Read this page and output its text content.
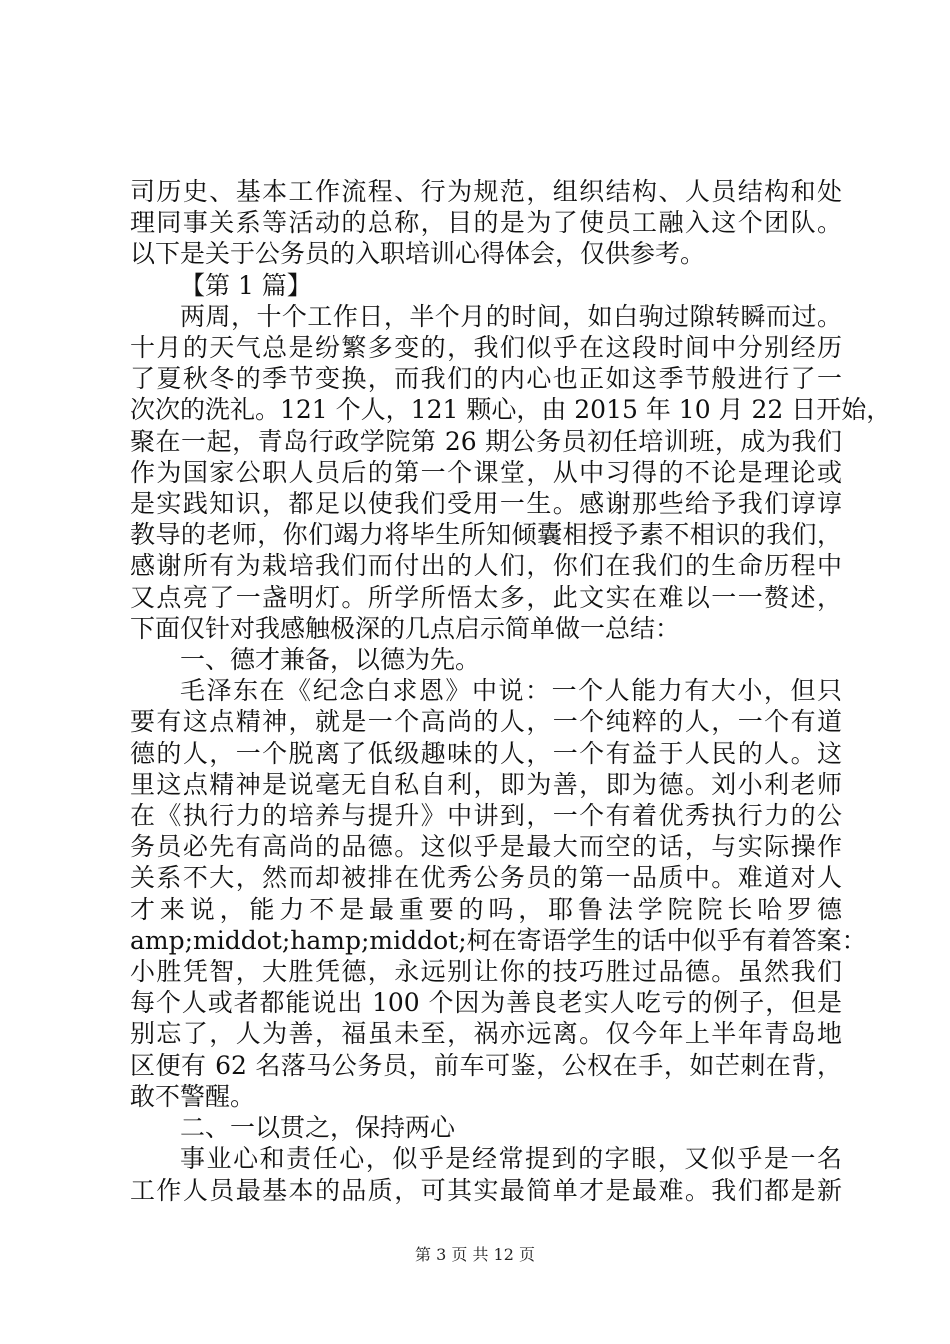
司历史、基本工作流程、行为规范，组织结构、人员结构和处
理同事关系等活动的总称，目的是为了使员工融入这个团队。
以下是关于公务员的入职培训心得体会，仅供参考。
【第 1 篇】
两周，十个工作日，半个月的时间，如白驹过隙转瞬而过。
十月的天气总是纷繁多变的，我们似乎在这段时间中分别经历
了夏秋冬的季节变换，而我们的内心也正如这季节般进行了一
次次的洗礼。121 个人，121 颗心，由 2015 年 10 月 22 日开始，
聚在一起，青岛行政学院第 26 期公务员初任培训班，成为我们
作为国家公职人员后的第一个课堂，从中习得的不论是理论或
是实践知识，都足以使我们受用一生。感谢那些给予我们谆谆
教导的老师，你们竭力将毕生所知倾囊相授予素不相识的我们，
感谢所有为栽培我们而付出的人们，你们在我们的生命历程中
又点亮了一盏明灯。所学所悟太多，此文实在难以一一赘述，
下面仅针对我感触极深的几点启示简单做一总结：
一、德才兼备，以德为先。
毛泽东在《纪念白求恩》中说：一个人能力有大小，但只
要有这点精神，就是一个高尚的人，一个纯粹的人，一个有道
德的人，一个脱离了低级趣味的人，一个有益于人民的人。这
里这点精神是说毫无自私自利，即为善，即为德。刘小利老师
在《执行力的培养与提升》中讲到，一个有着优秀执行力的公
务员必先有高尚的品德。这似乎是最大而空的话，与实际操作
关系不大，然而却被排在优秀公务员的第一品质中。难道对人
才来说，能力不是最重要的吗，耶鲁法学院院长哈罗德
amp;middot;hamp;middot;柯在寄语学生的话中似乎有着答案：
小胜凭智，大胜凭德，永远别让你的技巧胜过品德。虽然我们
每个人或者都能说出 100 个因为善良老实人吃亏的例子，但是
别忘了，人为善，福虽未至，祸亦远离。仅今年上半年青岛地
区便有 62 名落马公务员，前车可鉴，公权在手，如芒刺在背，
敢不警醒。
二、一以贯之，保持两心
事业心和责任心，似乎是经常提到的字眼，又似乎是一名
工作人员最基本的品质，可其实最简单才是最难。我们都是新
第 3 页 共 12 页
